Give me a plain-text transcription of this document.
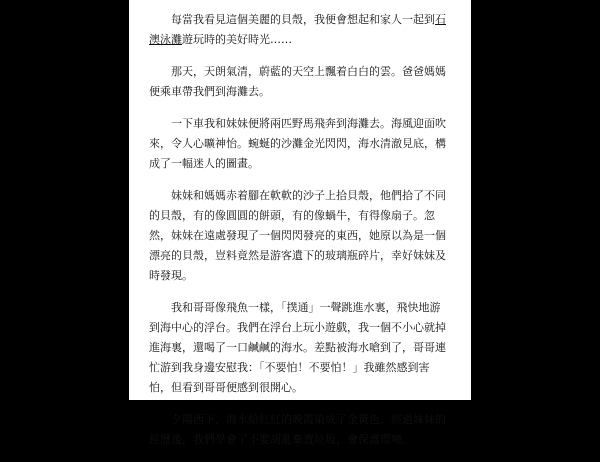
每當我看見這個美麗的貝殼，我便會想起和家人一起到石澳泳灘遊玩時的美好時光……

那天，天朗氣清，蔚藍的天空上飄着白白的雲。爸爸媽媽便乘車帶我們到海灘去。

一下車我和妹妹便將兩匹野馬飛奔到海灘去。海風迎面吹來，令人心曠神怡。蜿蜒的沙灘金光閃閃，海水清澈見底，構成了一幅迷人的圖畫。

妹妹和媽媽赤着腳在軟軟的沙子上拾貝殼，他們拾了不同的貝殼，有的像圓圓的餅頭，有的像蝸牛，有得像扇子。忽然，妹妹在遠處發現了一個閃閃發亮的東西，她原以為是一個漂亮的貝殼，豈料竟然是游客遺下的玻璃瓶碎片，幸好妹妹及時發現。

我和哥哥像飛魚一樣，「撲通」一聲跳進水裏，飛快地游到海中心的浮台。我們在浮台上玩小遊戲，我一個不小心就掉進海裏，還喝了一口鹹鹹的海水。差點被海水嗆到了，哥哥連忙游到我身邊安慰我：「不要怕！不要怕！」我雖然感到害怕，但看到哥哥便感到很開心。

夕陽西下，海水給紅紅的晚霞染成了金黃色，經過妹妹的經歷後，我們學會了不要胡亂棄置垃圾，會保護環境。
